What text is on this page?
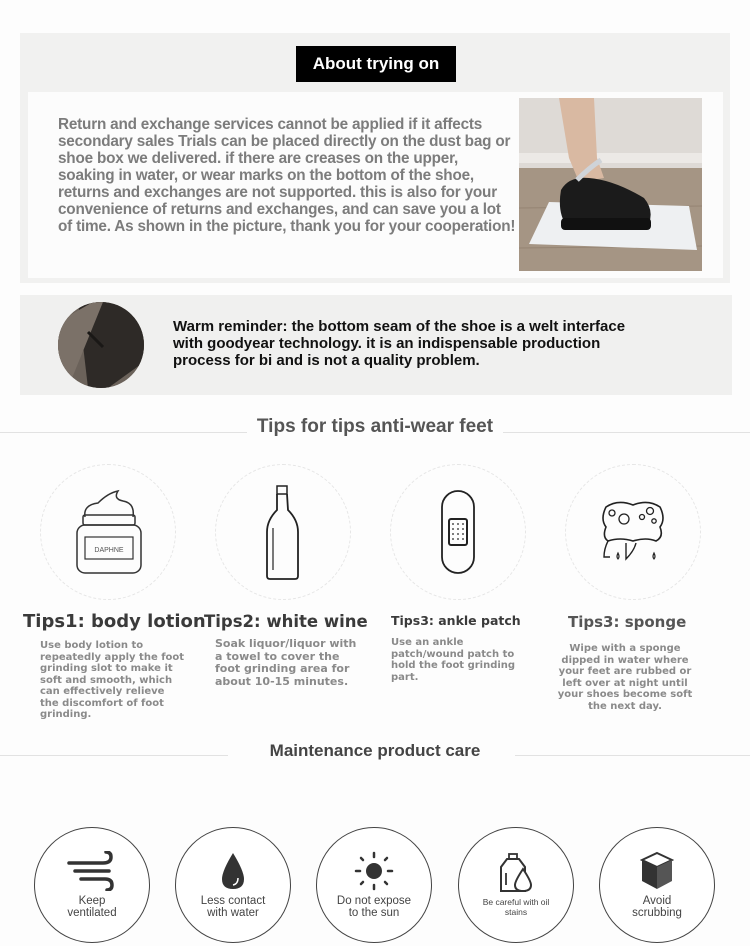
About trying on
Return and exchange services cannot be applied if it affects secondary sales Trials can be placed directly on the dust bag or shoe box we delivered. if there are creases on the upper, soaking in water, or wear marks on the bottom of the shoe, returns and exchanges are not supported. this is also for your convenience of returns and exchanges, and can save you a lot of time. As shown in the picture, thank you for your cooperation!
Warm reminder: the bottom seam of the shoe is a welt interface with goodyear technology. it is an indispensable production process for bi and is not a quality problem.
Tips for tips anti-wear feet
DAPHNE
Tips1: body lotion
Use body lotion to repeatedly apply the foot grinding slot to make it soft and smooth, which can effectively relieve the discomfort of foot grinding.
Tips2: white wine
Soak liquor/liquor with a towel to cover the foot grinding area for about 10-15 minutes.
Tips3: ankle patch
Use an ankle patch/wound patch to hold the foot grinding part.
Tips3: sponge
Wipe with a sponge dipped in water where your feet are rubbed or left over at night until your shoes become soft the next day.
Maintenance product care
Keep
ventilated
Less contact
with water
Do not expose
to the sun
Be careful with oil
stains
Avoid
scrubbing
